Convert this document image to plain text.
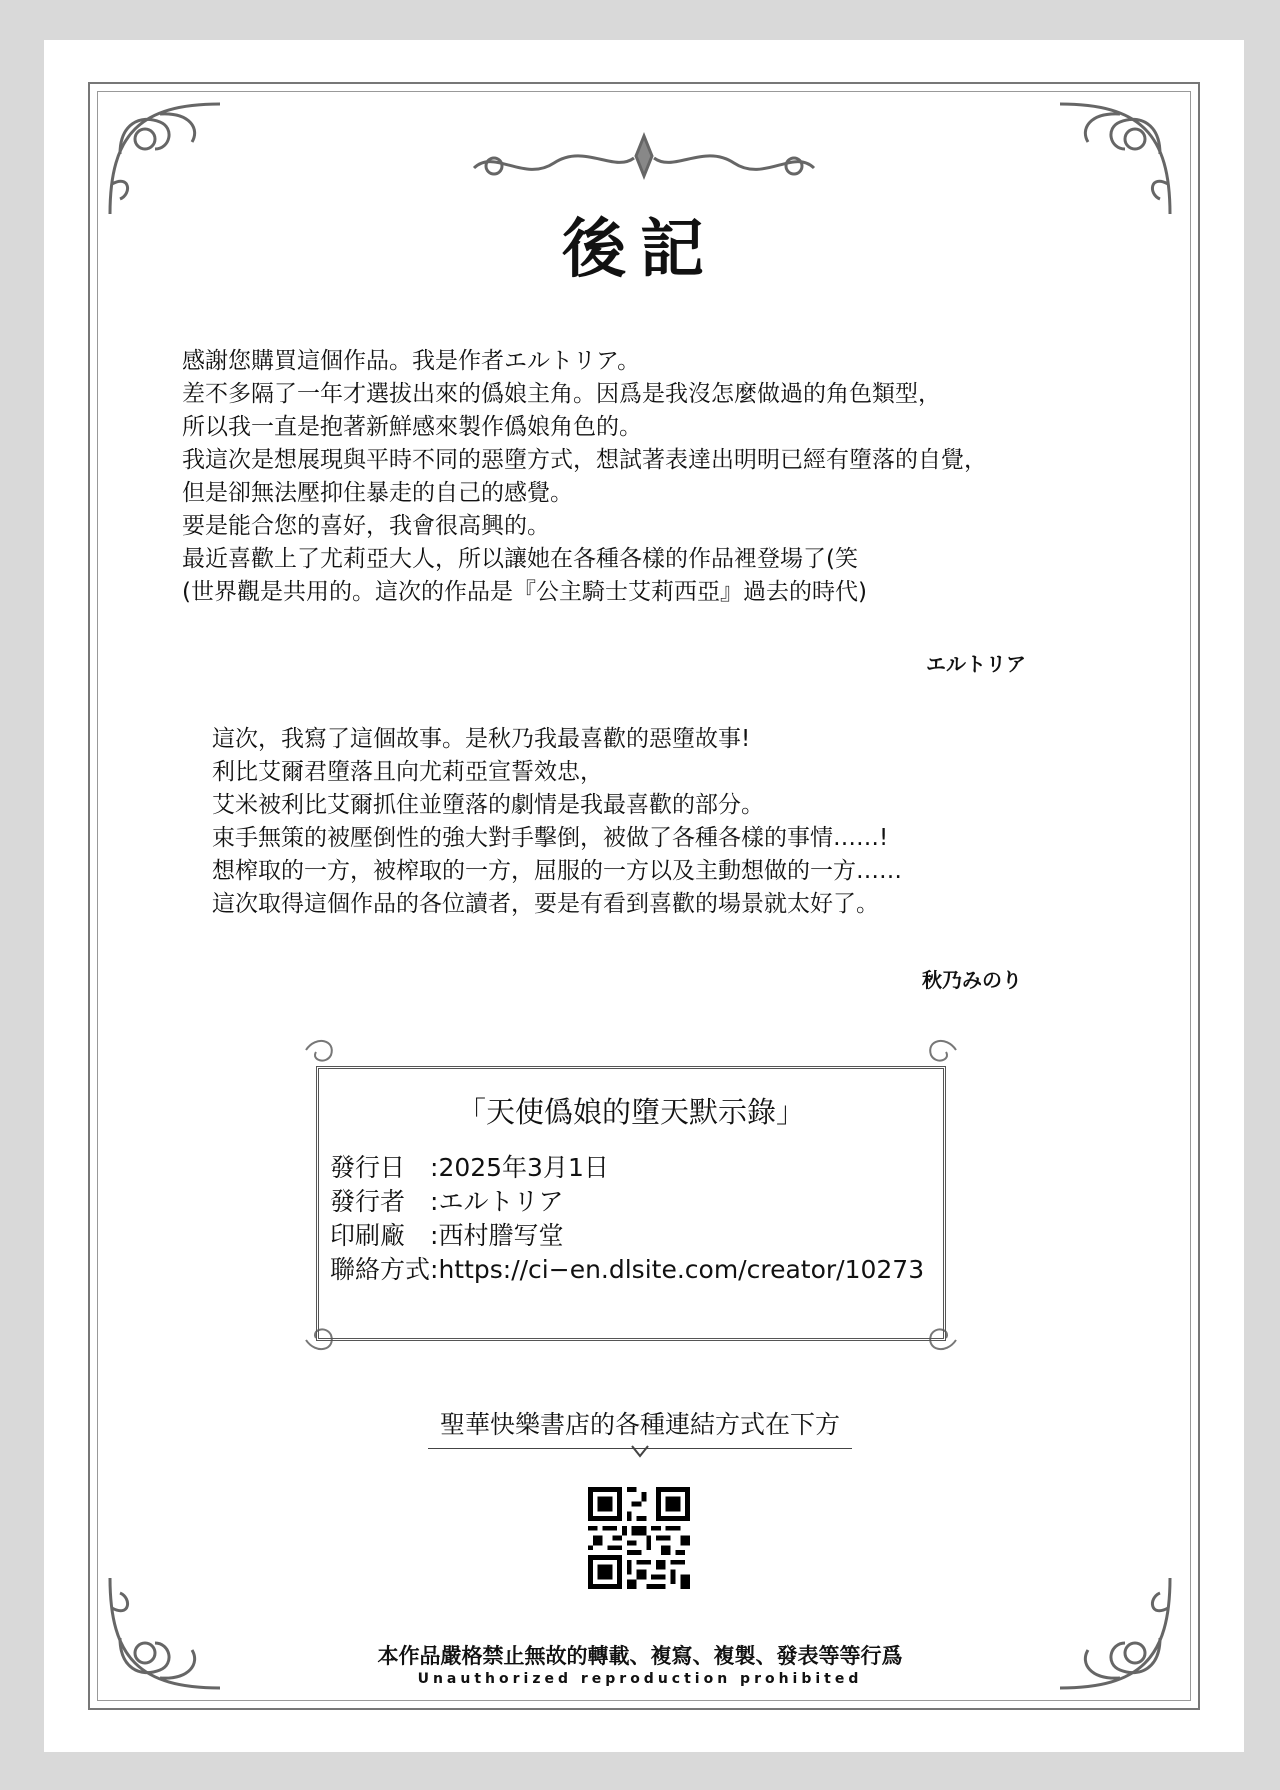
後記
感謝您購買這個作品。我是作者エルトリア。
差不多隔了一年才選拔出來的僞娘主角。因爲是我沒怎麼做過的角色類型，
所以我一直是抱著新鮮感來製作僞娘角色的。
我這次是想展現與平時不同的惡墮方式，想試著表達出明明已經有墮落的自覺，
但是卻無法壓抑住暴走的自己的感覺。
要是能合您的喜好，我會很高興的。
最近喜歡上了尤莉亞大人，所以讓她在各種各樣的作品裡登場了(笑
(世界觀是共用的。這次的作品是『公主騎士艾莉西亞』過去的時代)
エルトリア
這次，我寫了這個故事。是秋乃我最喜歡的惡墮故事!
利比艾爾君墮落且向尤莉亞宣誓效忠，
艾米被利比艾爾抓住並墮落的劇情是我最喜歡的部分。
束手無策的被壓倒性的強大對手擊倒，被做了各種各樣的事情……!
想榨取的一方，被榨取的一方，屈服的一方以及主動想做的一方……
這次取得這個作品的各位讀者，要是有看到喜歡的場景就太好了。
秋乃みのり
「天使僞娘的墮天默示錄」
發行日　:2025年3月1日
發行者　:エルトリア
印刷廠　:西村謄写堂
聯絡方式:https://ci−en.dlsite.com/creator/10273
聖華快樂書店的各種連結方式在下方
本作品嚴格禁止無故的轉載、複寫、複製、發表等等行爲
Unauthorized reproduction prohibited
